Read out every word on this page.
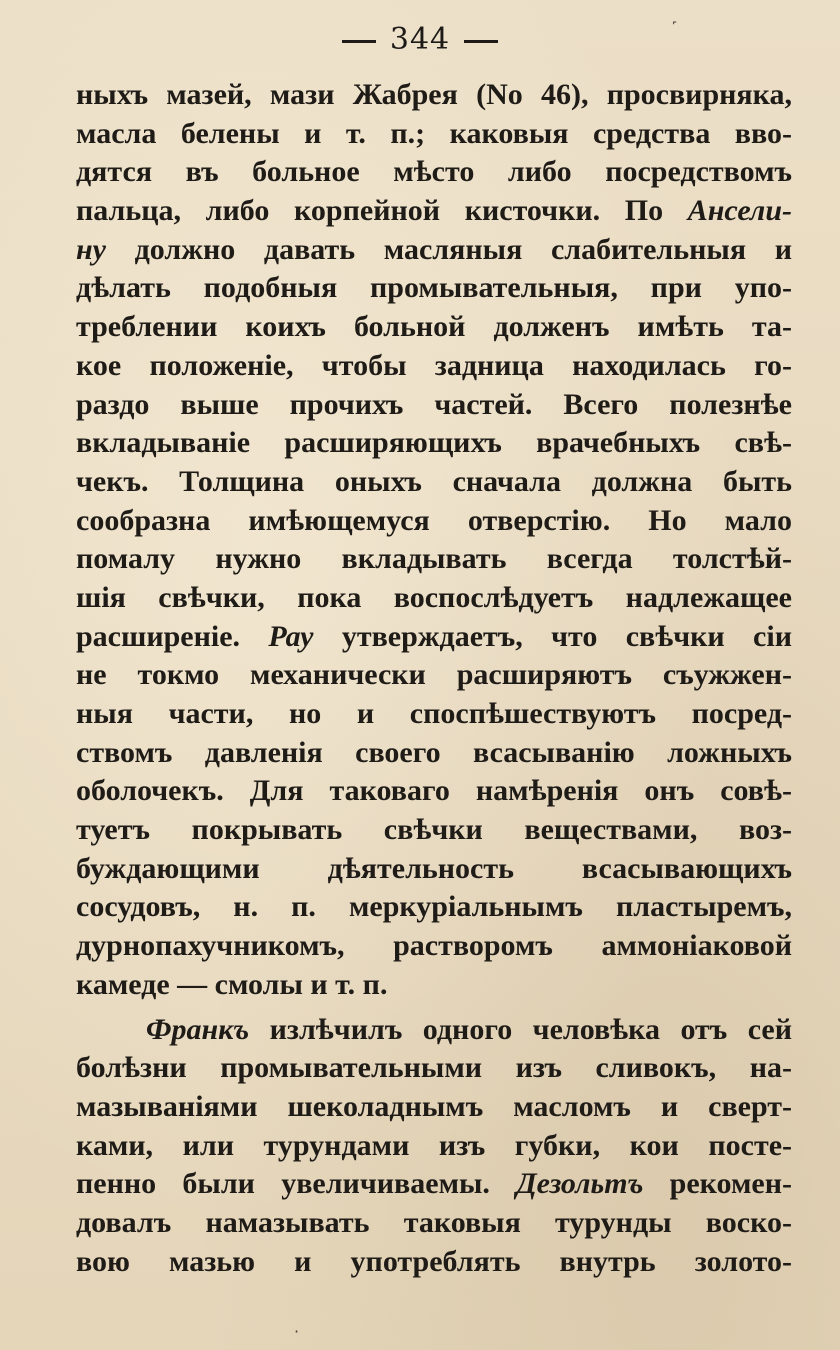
344
ныхъ мазей, мази Жабрея (No 46), просвирняка,
масла белены и т. п.; каковыя средства вво-
дятся въ больное мѣсто либо посредствомъ
пальца, либо корпейной кисточки. По Ансели-
ну должно давать масляныя слабительныя и
дѣлать подобныя промывательныя, при упо-
треблении коихъ больной долженъ имѣть та-
кое положеніе, чтобы задница находилась го-
раздо выше прочихъ частей. Всего полезнѣе
вкладываніе расширяющихъ врачебныхъ свѣ-
чекъ. Толщина оныхъ сначала должна быть
сообразна имѣющемуся отверстію. Но мало
помалу нужно вкладывать всегда толстѣй-
шія свѣчки, пока воспослѣдуетъ надлежащее
расширеніе. Рау утверждаетъ, что свѣчки сіи
не токмо механически расширяютъ съужжен-
ныя части, но и споспѣшествуютъ посред-
ствомъ давленія своего всасыванію ложныхъ
оболочекъ. Для таковаго намѣренія онъ совѣ-
туетъ покрывать свѣчки веществами, воз-
буждающими дѣятельность всасывающихъ
сосудовъ, н. п. меркуріальнымъ пластыремъ,
дурнопахучникомъ, растворомъ аммоніаковой
камеде — смолы и т. п.
Франкъ излѣчилъ одного человѣка отъ сей
болѣзни промывательными изъ сливокъ, на-
мазываніями шеколаднымъ масломъ и сверт-
ками, или турундами изъ губки, кои посте-
пенно были увеличиваемы. Дезольтъ рекомен-
довалъ намазывать таковыя турунды воско-
вою мазью и употреблять внутрь золото-
˹
·
